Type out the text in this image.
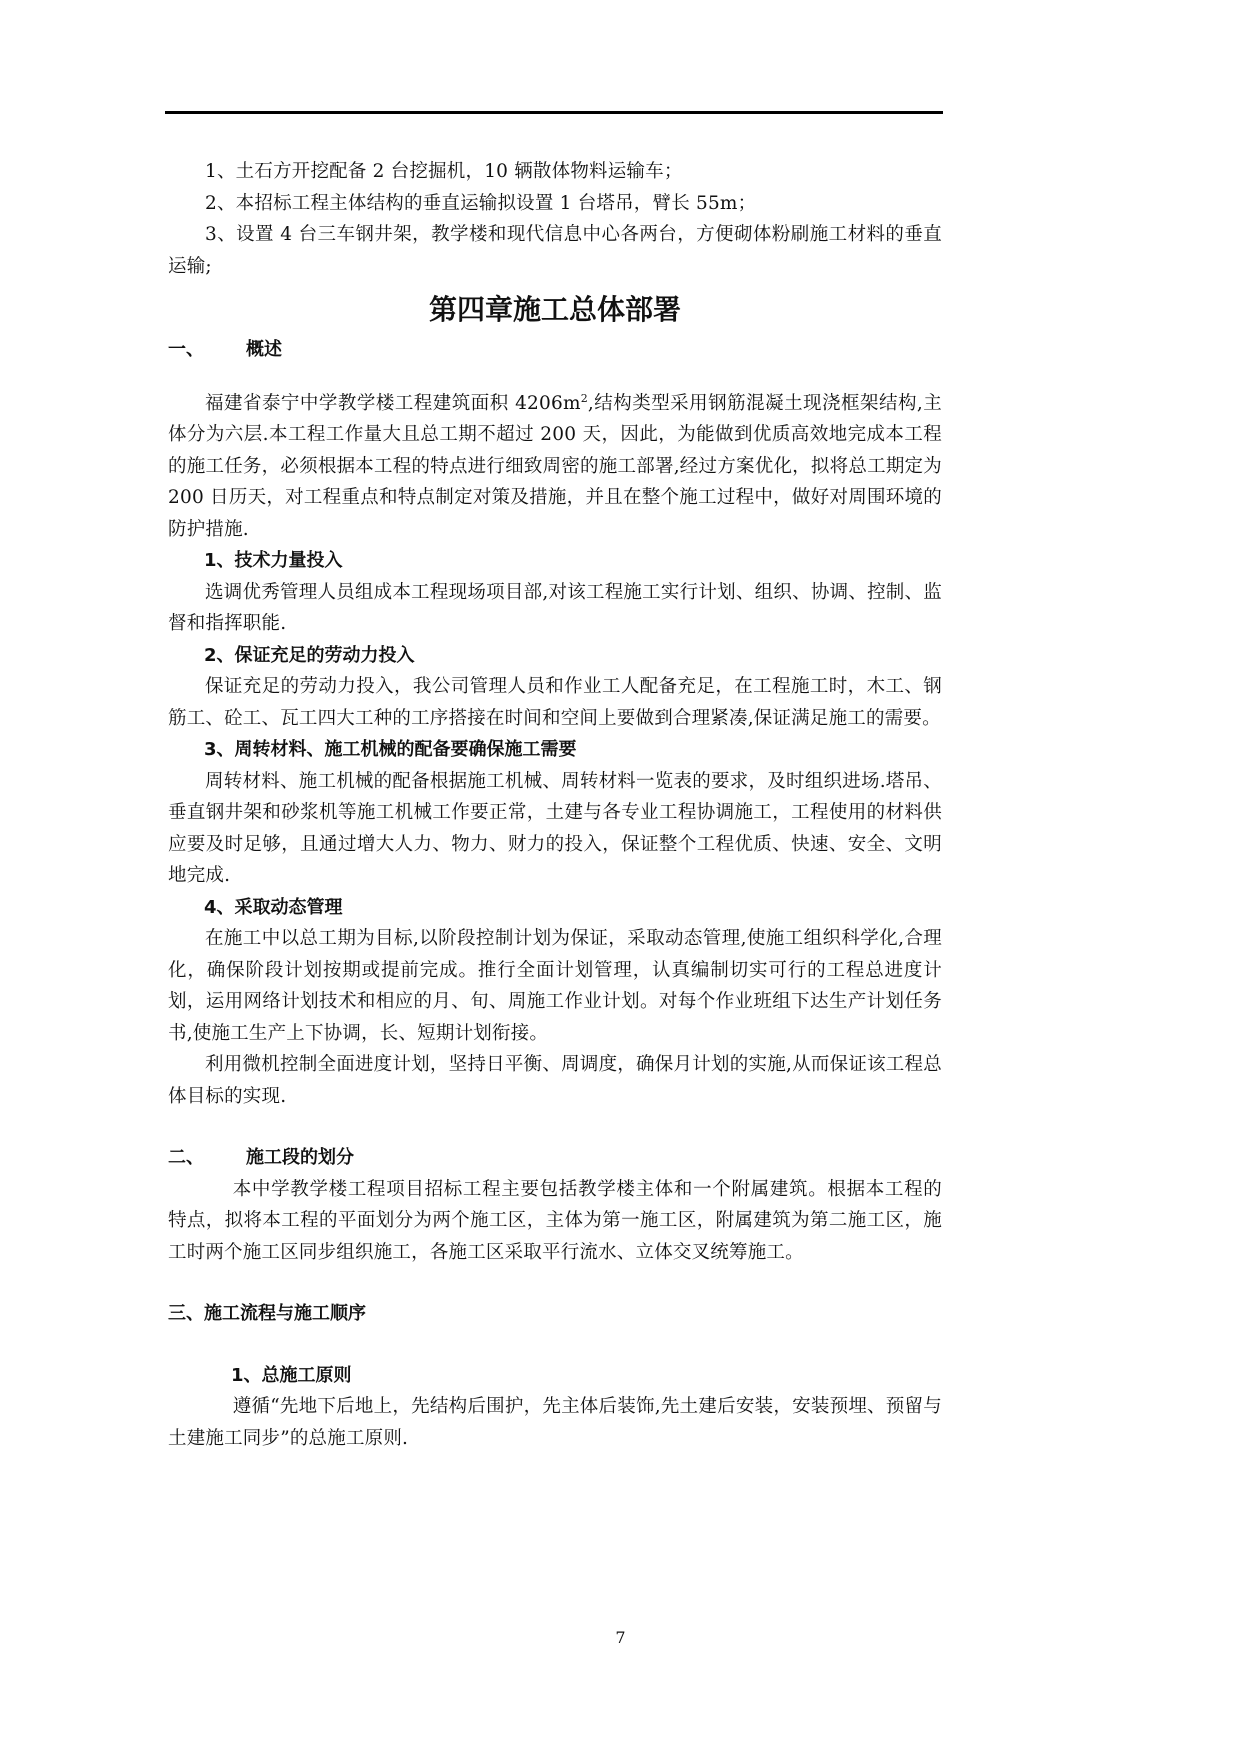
1、土石方开挖配备 2 台挖掘机，10 辆散体物料运输车；

2、本招标工程主体结构的垂直运输拟设置 1 台塔吊，臂长 55m；

3、设置 4 台三车钢井架，教学楼和现代信息中心各两台，方便砌体粉刷施工材料的垂直运输;

第四章施工总体部署
一、	概述

福建省泰宁中学教学楼工程建筑面积 $4206m^2$,结构类型采用钢筋混凝土现浇框架结构,主体分为六层.本工程工作量大且总工期不超过 200 天，因此，为能做到优质高效地完成本工程的施工任务，必须根据本工程的特点进行细致周密的施工部署,经过方案优化，拟将总工期定为 200 日历天，对工程重点和特点制定对策及措施，并且在整个施工过程中，做好对周围环境的防护措施.

1、技术力量投入

选调优秀管理人员组成本工程现场项目部,对该工程施工实行计划、组织、协调、控制、监督和指挥职能.

2、保证充足的劳动力投入

保证充足的劳动力投入，我公司管理人员和作业工人配备充足，在工程施工时，木工、钢筋工、砼工、瓦工四大工种的工序搭接在时间和空间上要做到合理紧凑,保证满足施工的需要。

3、周转材料、施工机械的配备要确保施工需要

周转材料、施工机械的配备根据施工机械、周转材料一览表的要求，及时组织进场.塔吊、垂直钢井架和砂浆机等施工机械工作要正常，土建与各专业工程协调施工，工程使用的材料供应要及时足够，且通过增大人力、物力、财力的投入，保证整个工程优质、快速、安全、文明地完成.

4、采取动态管理

在施工中以总工期为目标,以阶段控制计划为保证，采取动态管理,使施工组织科学化,合理化，确保阶段计划按期或提前完成。推行全面计划管理，认真编制切实可行的工程总进度计划，运用网络计划技术和相应的月、旬、周施工作业计划。对每个作业班组下达生产计划任务书,使施工生产上下协调，长、短期计划衔接。

利用微机控制全面进度计划，坚持日平衡、周调度，确保月计划的实施,从而保证该工程总体目标的实现.

二、	施工段的划分

本中学教学楼工程项目招标工程主要包括教学楼主体和一个附属建筑。根据本工程的特点，拟将本工程的平面划分为两个施工区，主体为第一施工区，附属建筑为第二施工区，施工时两个施工区同步组织施工，各施工区采取平行流水、立体交叉统筹施工。

三、施工流程与施工顺序
1、总施工原则

遵循“先地下后地上，先结构后围护，先主体后装饰,先土建后安装，安装预埋、预留与土建施工同步”的总施工原则.

7
